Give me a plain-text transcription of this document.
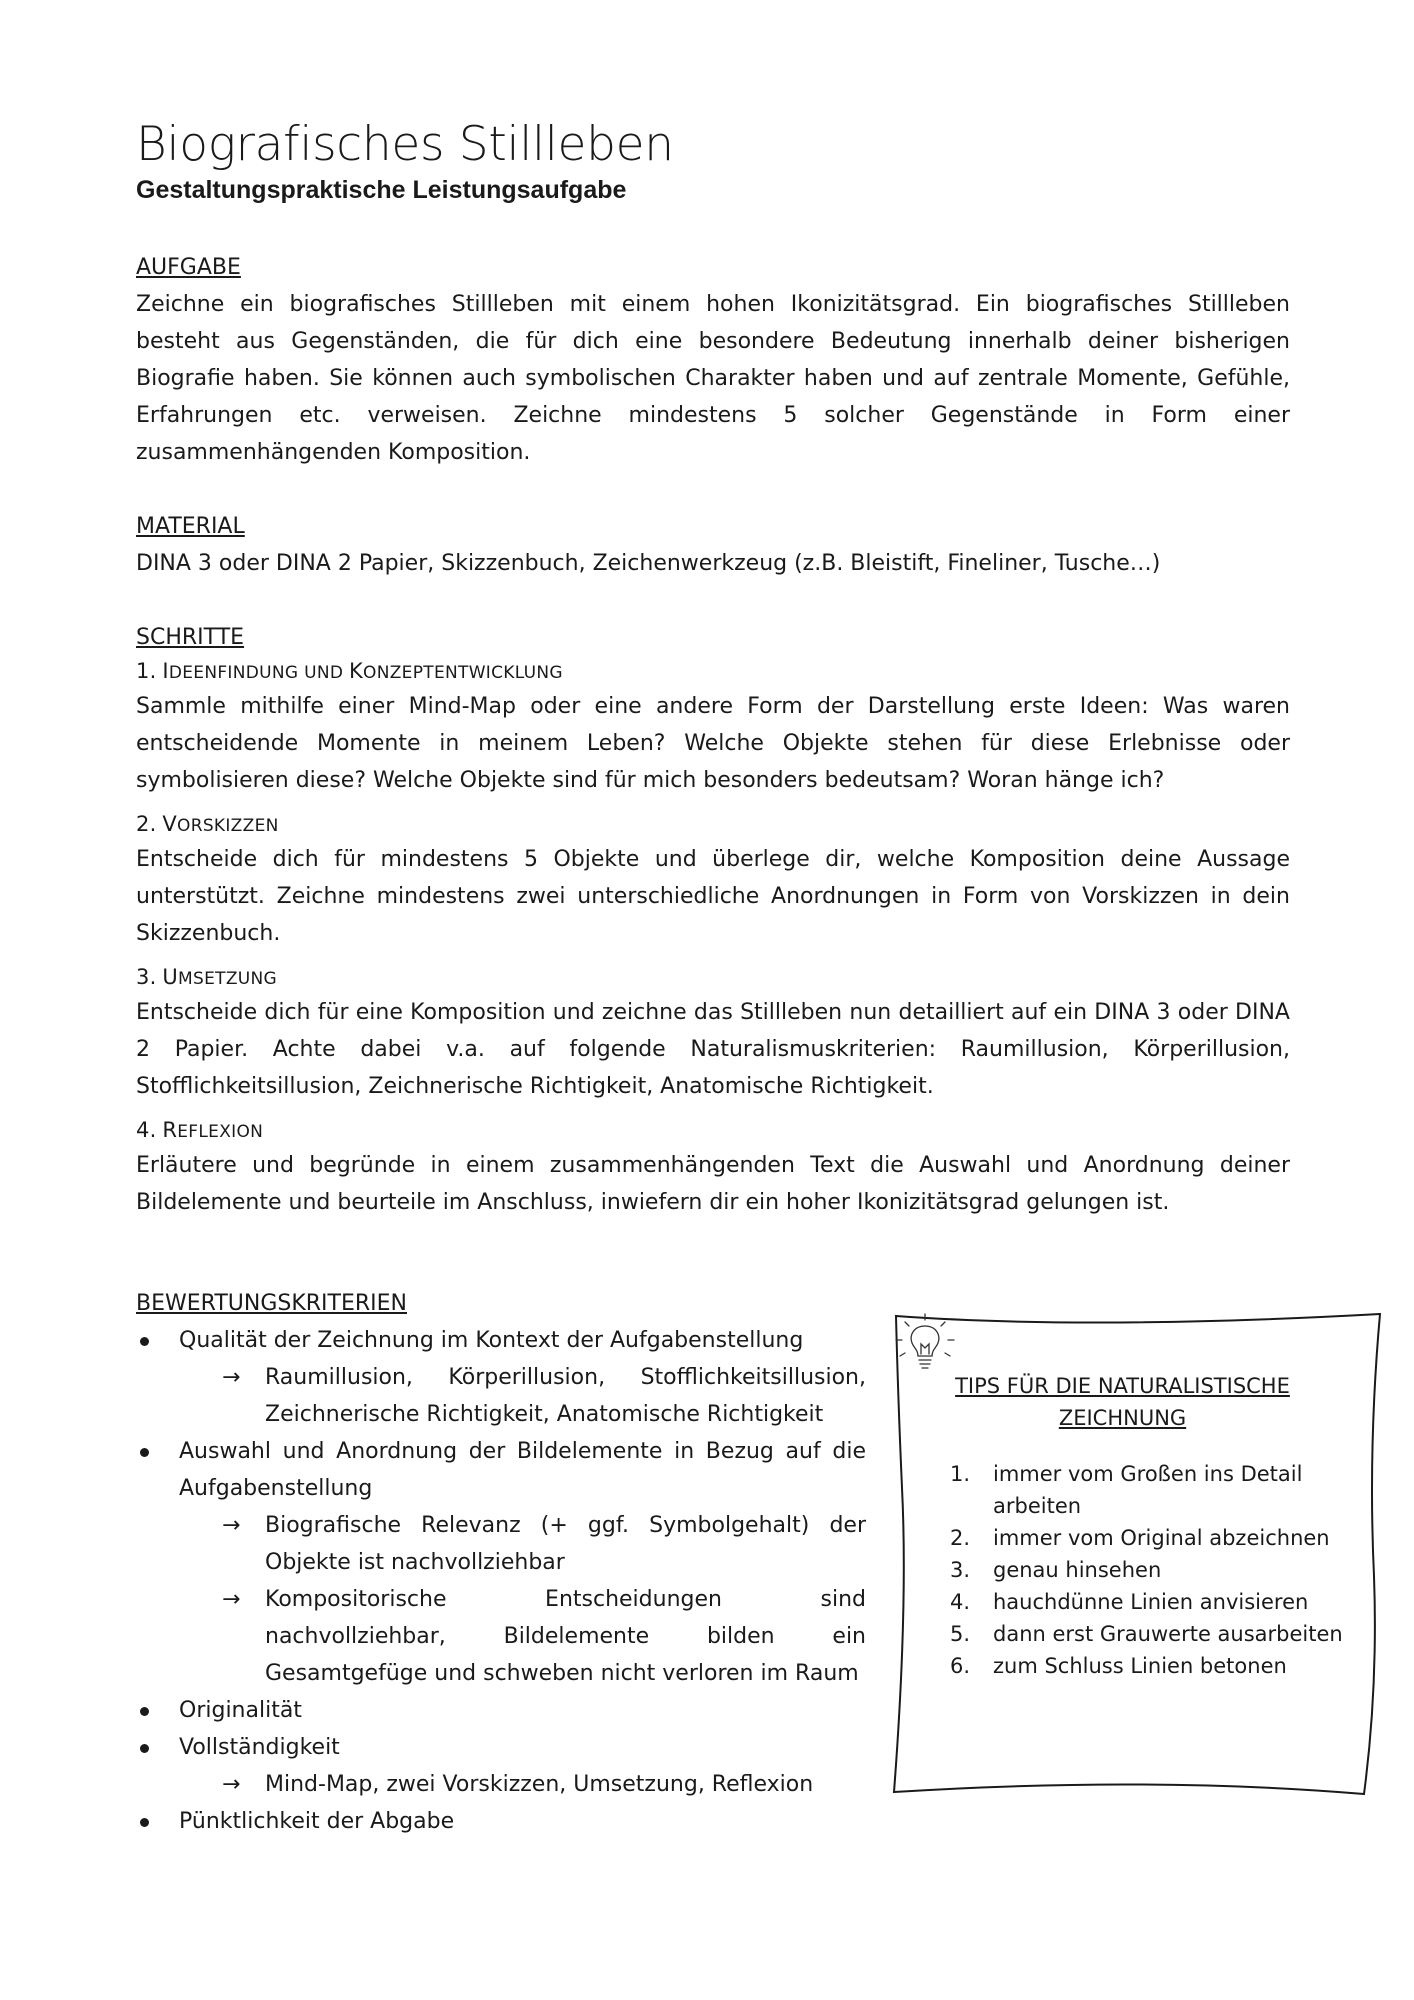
Biografisches Stillleben

Gestaltungspraktische Leistungsaufgabe

AUFGABE

Zeichne ein biografisches Stillleben mit einem hohen Ikonizitätsgrad. Ein biografisches Stillleben besteht aus Gegenständen, die für dich eine besondere Bedeutung innerhalb deiner bisherigen Biografie haben. Sie können auch symbolischen Charakter haben und auf zentrale Momente, Gefühle, Erfahrungen etc. verweisen. Zeichne mindestens 5 solcher Gegenstände in Form einer zusammenhängenden Komposition.

MATERIAL

DINA 3 oder DINA 2 Papier, Skizzenbuch, Zeichenwerkzeug (z.B. Bleistift, Fineliner, Tusche…)

SCHRITTE

1. IDEENFINDUNG UND KONZEPTENTWICKLUNG

Sammle mithilfe einer Mind-Map oder eine andere Form der Darstellung erste Ideen: Was waren entscheidende Momente in meinem Leben? Welche Objekte stehen für diese Erlebnisse oder symbolisieren diese? Welche Objekte sind für mich besonders bedeutsam? Woran hänge ich?

2. VORSKIZZEN

Entscheide dich für mindestens 5 Objekte und überlege dir, welche Komposition deine Aussage unterstützt. Zeichne mindestens zwei unterschiedliche Anordnungen in Form von Vorskizzen in dein Skizzenbuch.

3. UMSETZUNG

Entscheide dich für eine Komposition und zeichne das Stillleben nun detailliert auf ein DINA 3 oder DINA 2 Papier. Achte dabei v.a. auf folgende Naturalismuskriterien: Raumillusion, Körperillusion, Stofflichkeitsillusion, Zeichnerische Richtigkeit, Anatomische Richtigkeit.

4. REFLEXION

Erläutere und begründe in einem zusammenhängenden Text die Auswahl und Anordnung deiner Bildelemente und beurteile im Anschluss, inwiefern dir ein hoher Ikonizitätsgrad gelungen ist.

BEWERTUNGSKRITERIEN

Qualität der Zeichnung im Kontext der Aufgabenstellung
→ Raumillusion, Körperillusion, Stofflichkeitsillusion, Zeichnerische Richtigkeit, Anatomische Richtigkeit
Auswahl und Anordnung der Bildelemente in Bezug auf die Aufgabenstellung
→ Biografische Relevanz (+ ggf. Symbolgehalt) der Objekte ist nachvollziehbar
→ Kompositorische Entscheidungen sind nachvollziehbar, Bildelemente bilden ein Gesamtgefüge und schweben nicht verloren im Raum
Originalität
Vollständigkeit
→ Mind-Map, zwei Vorskizzen, Umsetzung, Reflexion
Pünktlichkeit der Abgabe

TIPS FÜR DIE NATURALISTISCHE ZEICHNUNG

1. immer vom Großen ins Detail arbeiten
2. immer vom Original abzeichnen
3. genau hinsehen
4. hauchdünne Linien anvisieren
5. dann erst Grauwerte ausarbeiten
6. zum Schluss Linien betonen
